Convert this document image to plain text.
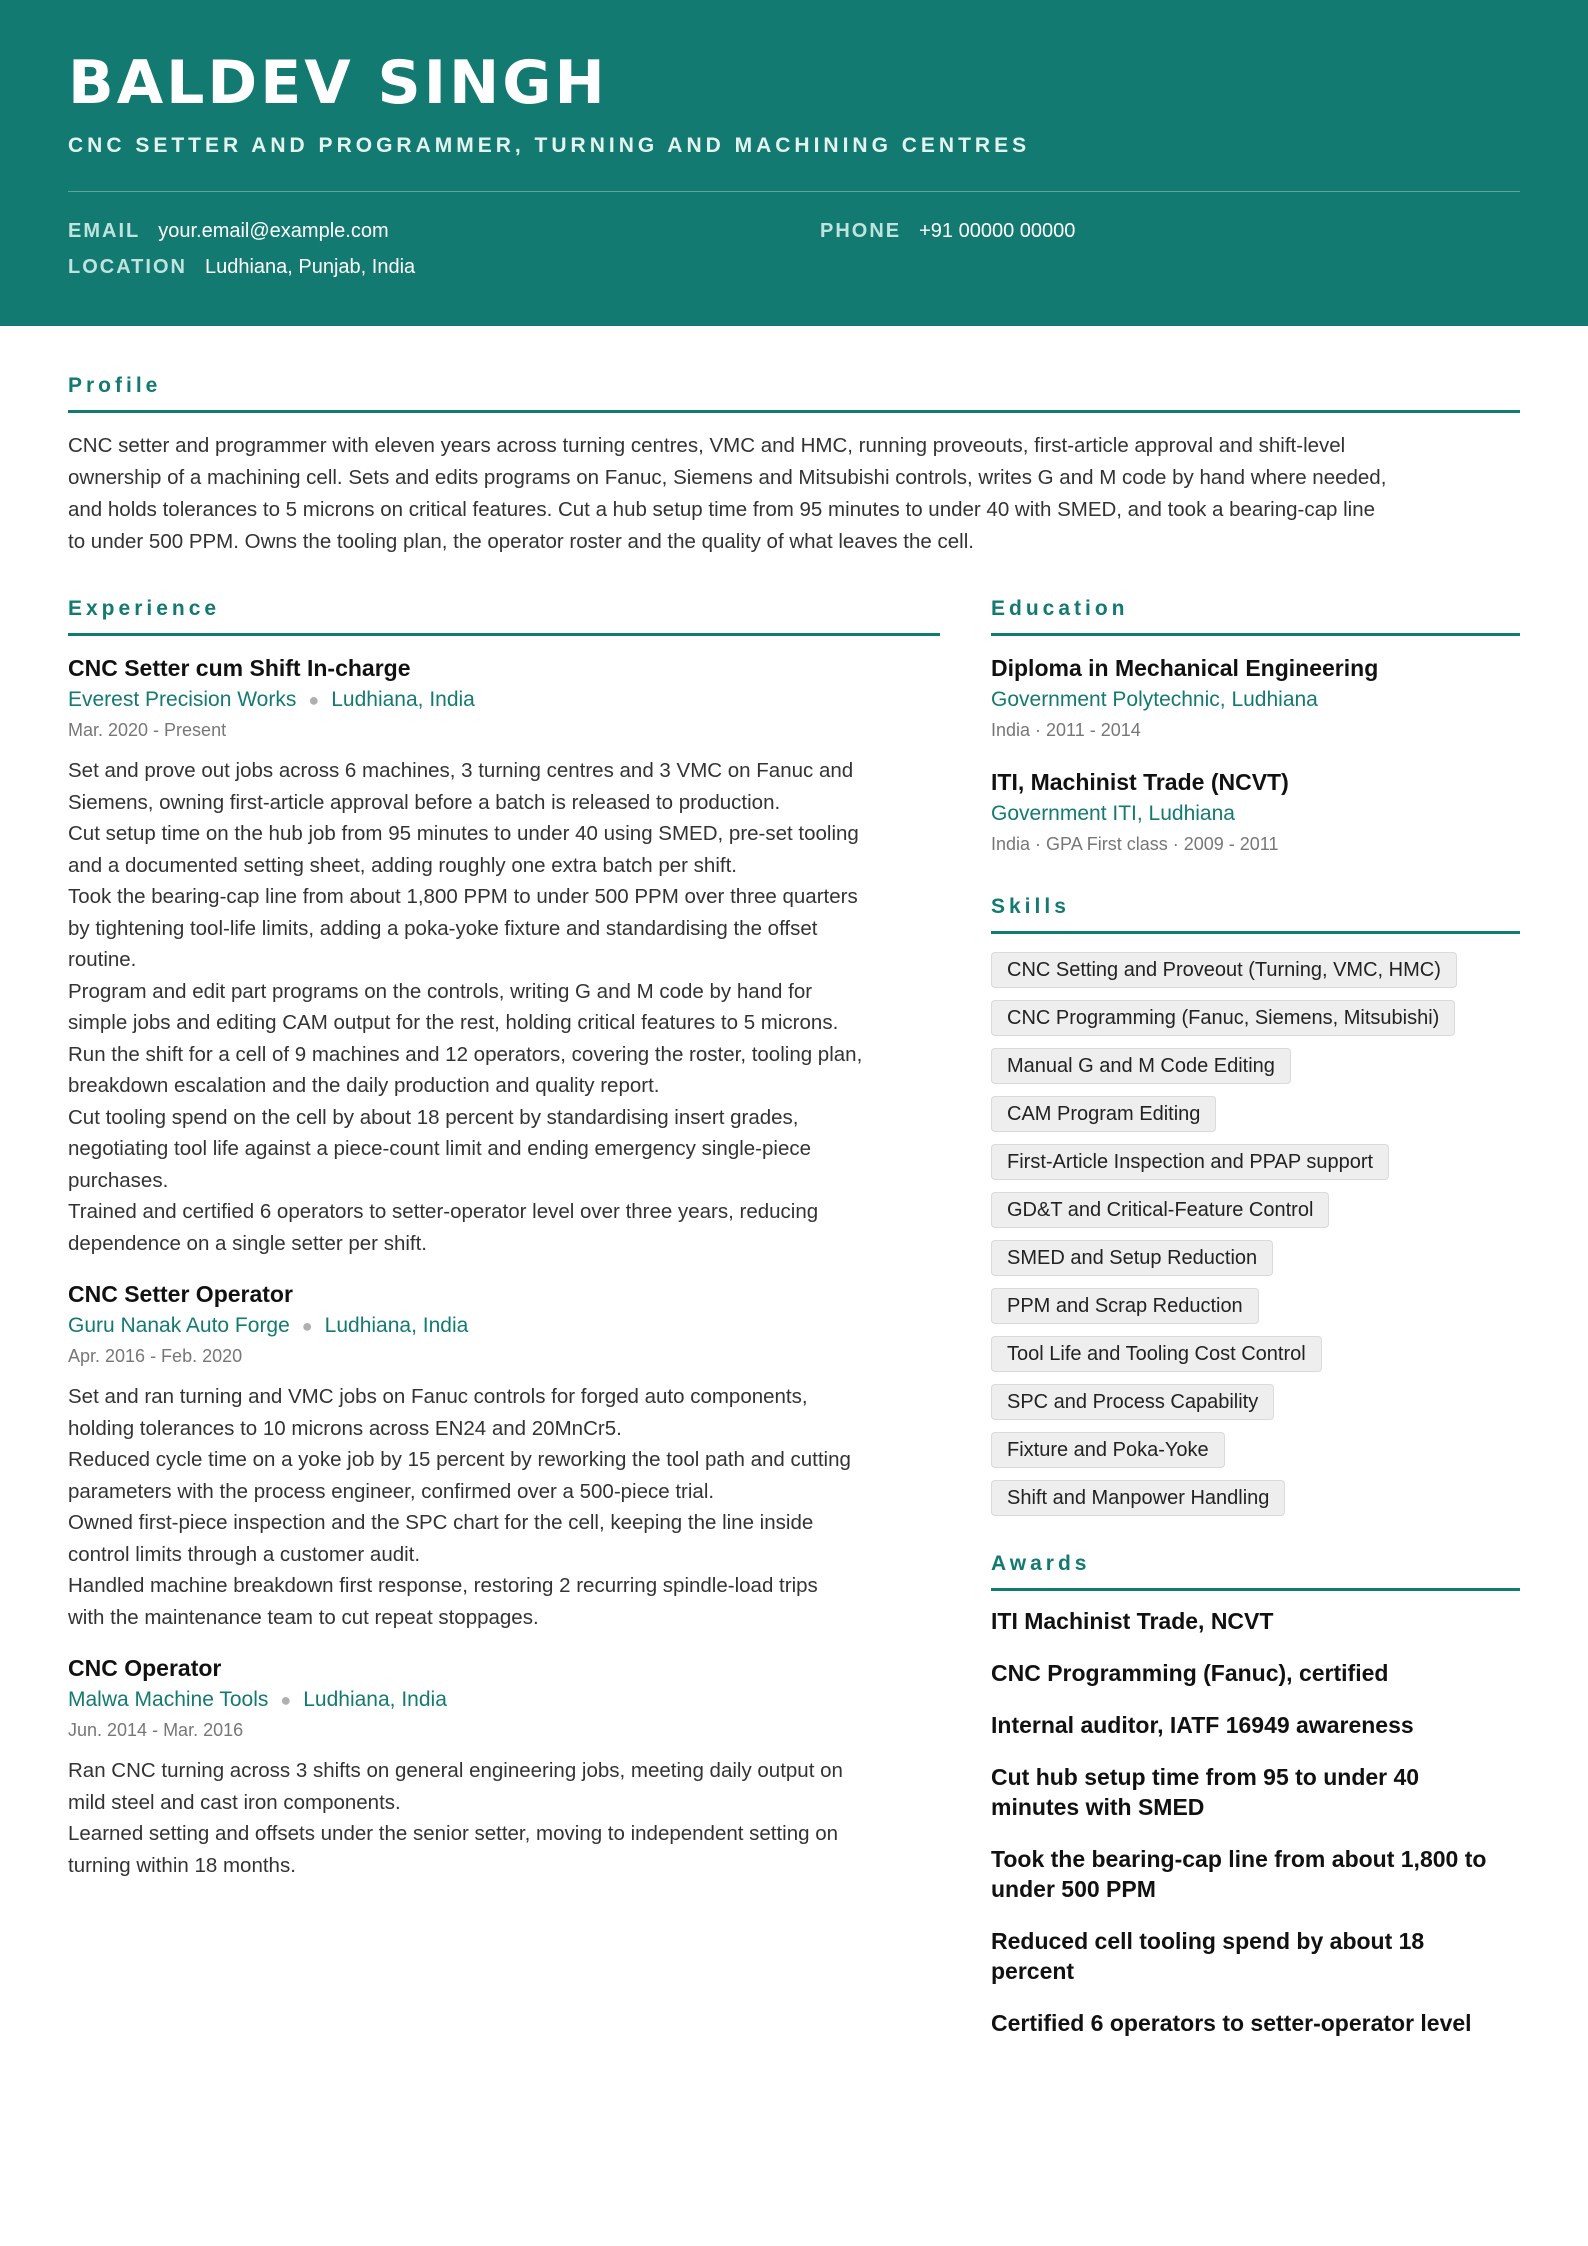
BALDEV SINGH
CNC SETTER AND PROGRAMMER, TURNING AND MACHINING CENTRES
EMAIL your.email@example.com	PHONE +91 00000 00000
LOCATION Ludhiana, Punjab, India
Profile
CNC setter and programmer with eleven years across turning centres, VMC and HMC, running proveouts, first-article approval and shift-level
ownership of a machining cell. Sets and edits programs on Fanuc, Siemens and Mitsubishi controls, writes G and M code by hand where needed,
and holds tolerances to 5 microns on critical features. Cut a hub setup time from 95 minutes to under 40 with SMED, and took a bearing-cap line
to under 500 PPM. Owns the tooling plan, the operator roster and the quality of what leaves the cell.
Experience
CNC Setter cum Shift In-charge
Everest Precision Works ● Ludhiana, India
Mar. 2020 - Present
Set and prove out jobs across 6 machines, 3 turning centres and 3 VMC on Fanuc and
Siemens, owning first-article approval before a batch is released to production.
Cut setup time on the hub job from 95 minutes to under 40 using SMED, pre-set tooling
and a documented setting sheet, adding roughly one extra batch per shift.
Took the bearing-cap line from about 1,800 PPM to under 500 PPM over three quarters
by tightening tool-life limits, adding a poka-yoke fixture and standardising the offset
routine.
Program and edit part programs on the controls, writing G and M code by hand for
simple jobs and editing CAM output for the rest, holding critical features to 5 microns.
Run the shift for a cell of 9 machines and 12 operators, covering the roster, tooling plan,
breakdown escalation and the daily production and quality report.
Cut tooling spend on the cell by about 18 percent by standardising insert grades,
negotiating tool life against a piece-count limit and ending emergency single-piece
purchases.
Trained and certified 6 operators to setter-operator level over three years, reducing
dependence on a single setter per shift.
CNC Setter Operator
Guru Nanak Auto Forge ● Ludhiana, India
Apr. 2016 - Feb. 2020
Set and ran turning and VMC jobs on Fanuc controls for forged auto components,
holding tolerances to 10 microns across EN24 and 20MnCr5.
Reduced cycle time on a yoke job by 15 percent by reworking the tool path and cutting
parameters with the process engineer, confirmed over a 500-piece trial.
Owned first-piece inspection and the SPC chart for the cell, keeping the line inside
control limits through a customer audit.
Handled machine breakdown first response, restoring 2 recurring spindle-load trips
with the maintenance team to cut repeat stoppages.
CNC Operator
Malwa Machine Tools ● Ludhiana, India
Jun. 2014 - Mar. 2016
Ran CNC turning across 3 shifts on general engineering jobs, meeting daily output on
mild steel and cast iron components.
Learned setting and offsets under the senior setter, moving to independent setting on
turning within 18 months.
Education
Diploma in Mechanical Engineering
Government Polytechnic, Ludhiana
India · 2011 - 2014
ITI, Machinist Trade (NCVT)
Government ITI, Ludhiana
India · GPA First class · 2009 - 2011
Skills
CNC Setting and Proveout (Turning, VMC, HMC)
CNC Programming (Fanuc, Siemens, Mitsubishi)
Manual G and M Code Editing
CAM Program Editing
First-Article Inspection and PPAP support
GD&T and Critical-Feature Control
SMED and Setup Reduction
PPM and Scrap Reduction
Tool Life and Tooling Cost Control
SPC and Process Capability
Fixture and Poka-Yoke
Shift and Manpower Handling
Awards
ITI Machinist Trade, NCVT
CNC Programming (Fanuc), certified
Internal auditor, IATF 16949 awareness
Cut hub setup time from 95 to under 40
minutes with SMED
Took the bearing-cap line from about 1,800 to
under 500 PPM
Reduced cell tooling spend by about 18
percent
Certified 6 operators to setter-operator level
